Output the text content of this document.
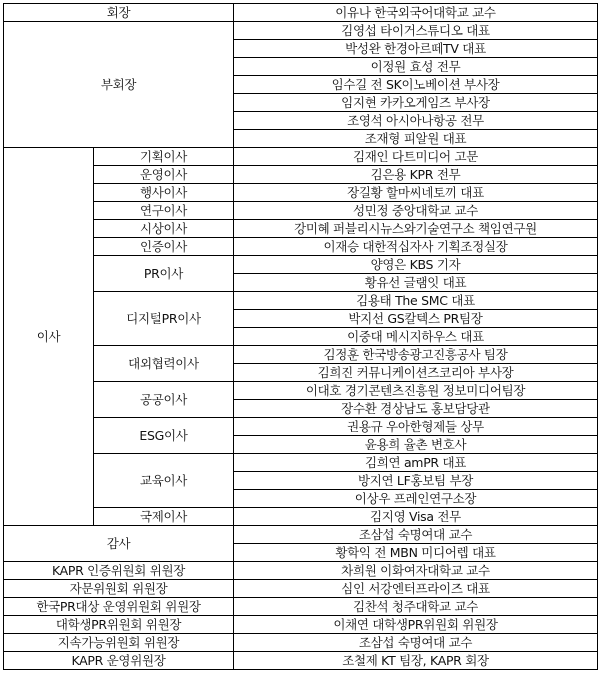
회장		이유나 한국외국어대학교 교수
부회장		김영섭 타이거스튜디오 대표
		박성완 한경아르떼TV 대표
		이정원 효성 전무
		임수길 전 SK이노베이션 부사장
		임지현 카카오게임즈 부사장
		조영석 아시아나항공 전무
		조재형 피알원 대표
이사	기획이사	김재인 다트미디어 고문
	운영이사	김은용 KPR 전무
	행사이사	장길황 할마씨네토끼 대표
	연구이사	성민정 중앙대학교 교수
	시상이사	강미혜 퍼블리시뉴스와기술연구소 책임연구원
	인증이사	이재승 대한적십자사 기획조정실장
	PR이사	양영은 KBS 기자
		황유선 글램잇 대표
	디지털PR이사	김용태 The SMC 대표
		박지선 GS칼텍스 PR팀장
		이중대 메시지하우스 대표
	대외협력이사	김정훈 한국방송광고진흥공사 팀장
		김희진 커뮤니케이션즈코리아 부사장
	공공이사	이대호 경기콘텐츠진흥원 정보미디어팀장
		장수환 경상남도 홍보담당관
	ESG이사	권용규 우아한형제들 상무
		윤용희 율촌 변호사
	교육이사	김희연 amPR 대표
		방지연 LF홍보팀 부장
		이상우 프레인연구소장
	국제이사	김지영 Visa 전무
감사		조삼섭 숙명여대 교수
		황학익 전 MBN 미디어렙 대표
KAPR 인증위원회 위원장		차희원 이화여자대학교 교수
자문위원회 위원장		심인 서강엔터프라이즈 대표
한국PR대상 운영위원회 위원장		김찬석 청주대학교 교수
대학생PR위원회 위원장		이채연 대학생PR위원회 위원장
지속가능위원회 위원장		조삼섭 숙명여대 교수
KAPR 운영위원장		조철제 KT 팀장, KAPR 회장
